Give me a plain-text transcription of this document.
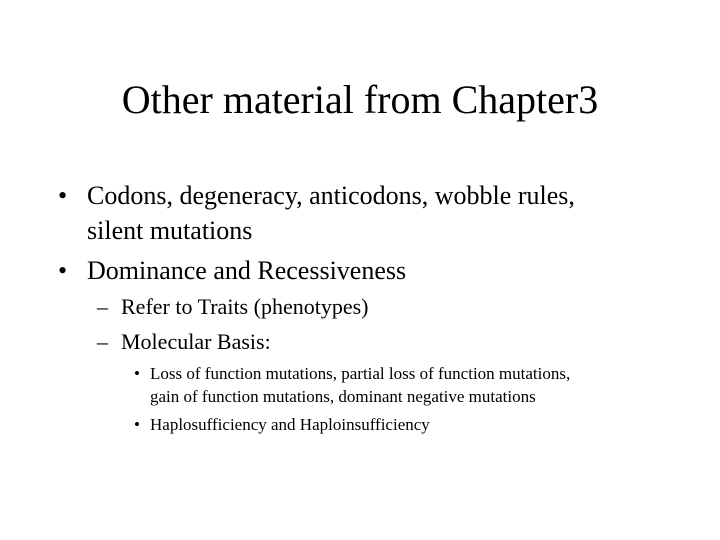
Other material from Chapter3
• Codons, degeneracy, anticodons, wobble rules,
silent mutations
• Dominance and Recessiveness
– Refer to Traits (phenotypes)
– Molecular Basis:
• Loss of function mutations, partial loss of function mutations,
gain of function mutations, dominant negative mutations
• Haplosufficiency and Haploinsufficiency
